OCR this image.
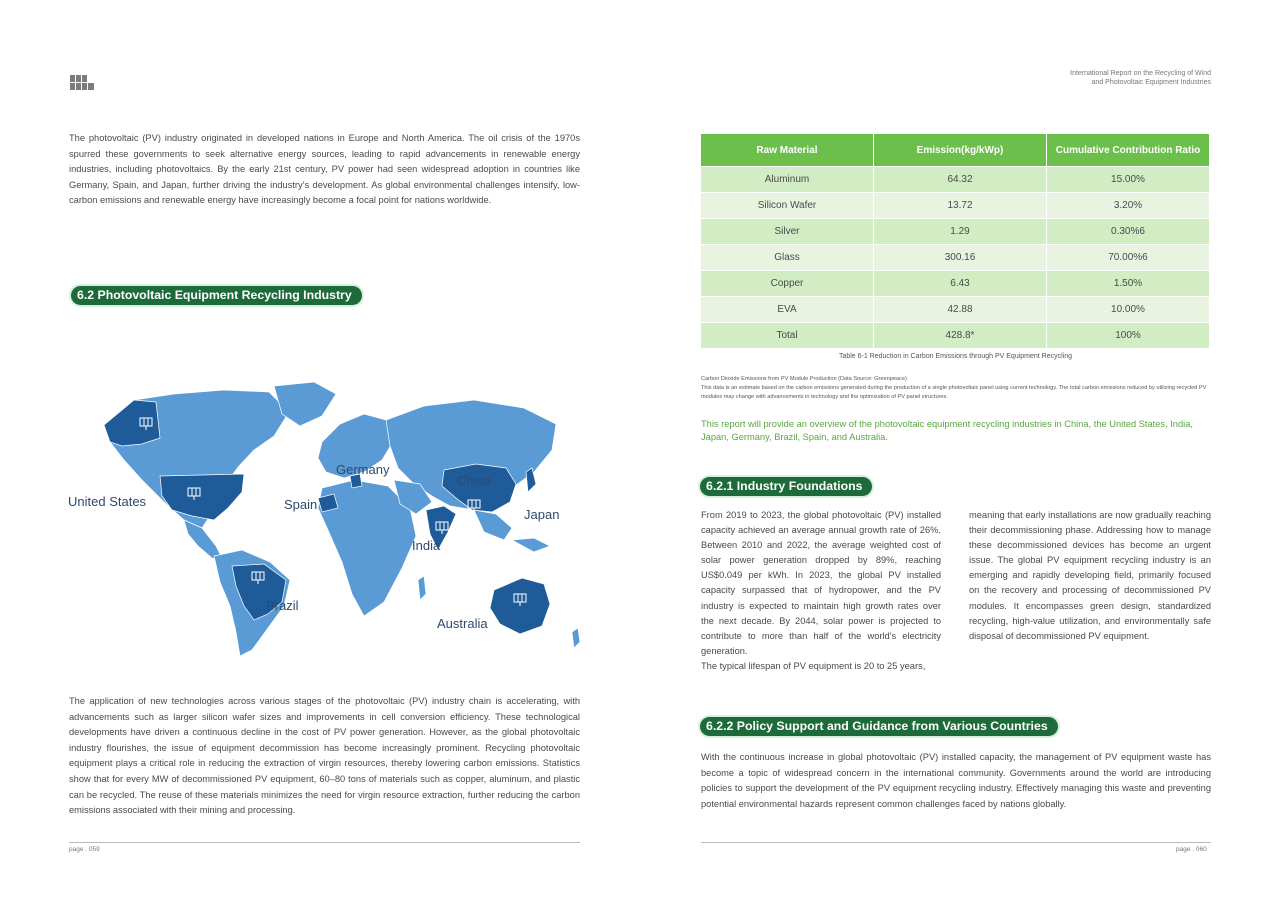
The photovoltaic (PV) industry originated in developed nations in Europe and North America. The oil crisis of the 1970s spurred these governments to seek alternative energy sources, leading to rapid advancements in renewable energy industries, including photovoltaics. By the early 21st century, PV power had seen widespread adoption in countries like Germany, Spain, and Japan, further driving the industry's development. As global environmental challenges intensify, low-carbon emissions and renewable energy have increasingly become a focal point for nations worldwide.
6.2 Photovoltaic Equipment Recycling Industry
United States	Spain
Germany
China
Japan
India
Brazil
Australia
The application of new technologies across various stages of the photovoltaic (PV) industry chain is accelerating, with advancements such as larger silicon wafer sizes and improvements in cell conversion efficiency. These technological developments have driven a continuous decline in the cost of PV power generation. However, as the global photovoltaic industry flourishes, the issue of equipment decommission has become increasingly prominent. Recycling photovoltaic equipment plays a critical role in reducing the extraction of virgin resources, thereby lowering carbon emissions. Statistics show that for every MW of decommissioned PV equipment, 60–80 tons of materials such as copper, aluminum, and plastic can be recycled. The reuse of these materials minimizes the need for virgin resource extraction, further reducing the carbon emissions associated with their mining and processing.
page . 059
International Report on the Recycling of Wind
and Photovoltaic Equipment Industries
Raw Material	Emission(kg/kWp)	Cumulative Contribution Ratio
Aluminum	64.32	15.00%
Silicon Wafer	13.72	3.20%
Silver	1.29	0.30%6
Glass	300.16	70.00%6
Copper	6.43	1.50%
EVA	42.88	10.00%
Total	428.8*	100%
Table 6-1 Reduction in Carbon Emissions through PV Equipment Recycling
Carbon Dioxide Emissions from PV Module Production (Data Source: Greenpeace)
This data is an estimate based on the carbon emissions generated during the production of a single photovoltaic panel using current technology. The total carbon emissions reduced by utilizing recycled PV modules may change with advancements in technology and the optimization of PV panel structures.
This report will provide an overview of the photovoltaic equipment recycling industries in China, the United States, India, Japan, Germany, Brazil, Spain, and Australia.
6.2.1 Industry Foundations
From 2019 to 2023, the global photovoltaic (PV) installed capacity achieved an average annual growth rate of 26%. Between 2010 and 2022, the average weighted cost of solar power generation dropped by 89%, reaching US$0.049 per kWh. In 2023, the global PV installed capacity surpassed that of hydropower, and the PV industry is expected to maintain high growth rates over the next decade. By 2044, solar power is projected to contribute to more than half of the world's electricity generation.
The typical lifespan of PV equipment is 20 to 25 years,
meaning that early installations are now gradually reaching their decommissioning phase. Addressing how to manage these decommissioned devices has become an urgent issue. The global PV equipment recycling industry is an emerging and rapidly developing field, primarily focused on the recovery and processing of decommissioned PV modules. It encompasses green design, standardized recycling, high-value utilization, and environmentally safe disposal of decommissioned PV equipment.
6.2.2 Policy Support and Guidance from Various Countries
With the continuous increase in global photovoltaic (PV) installed capacity, the management of PV equipment waste has become a topic of widespread concern in the international community. Governments around the world are introducing policies to support the development of the PV equipment recycling industry. Effectively managing this waste and preventing potential environmental hazards represent common challenges faced by nations globally.
page . 060
